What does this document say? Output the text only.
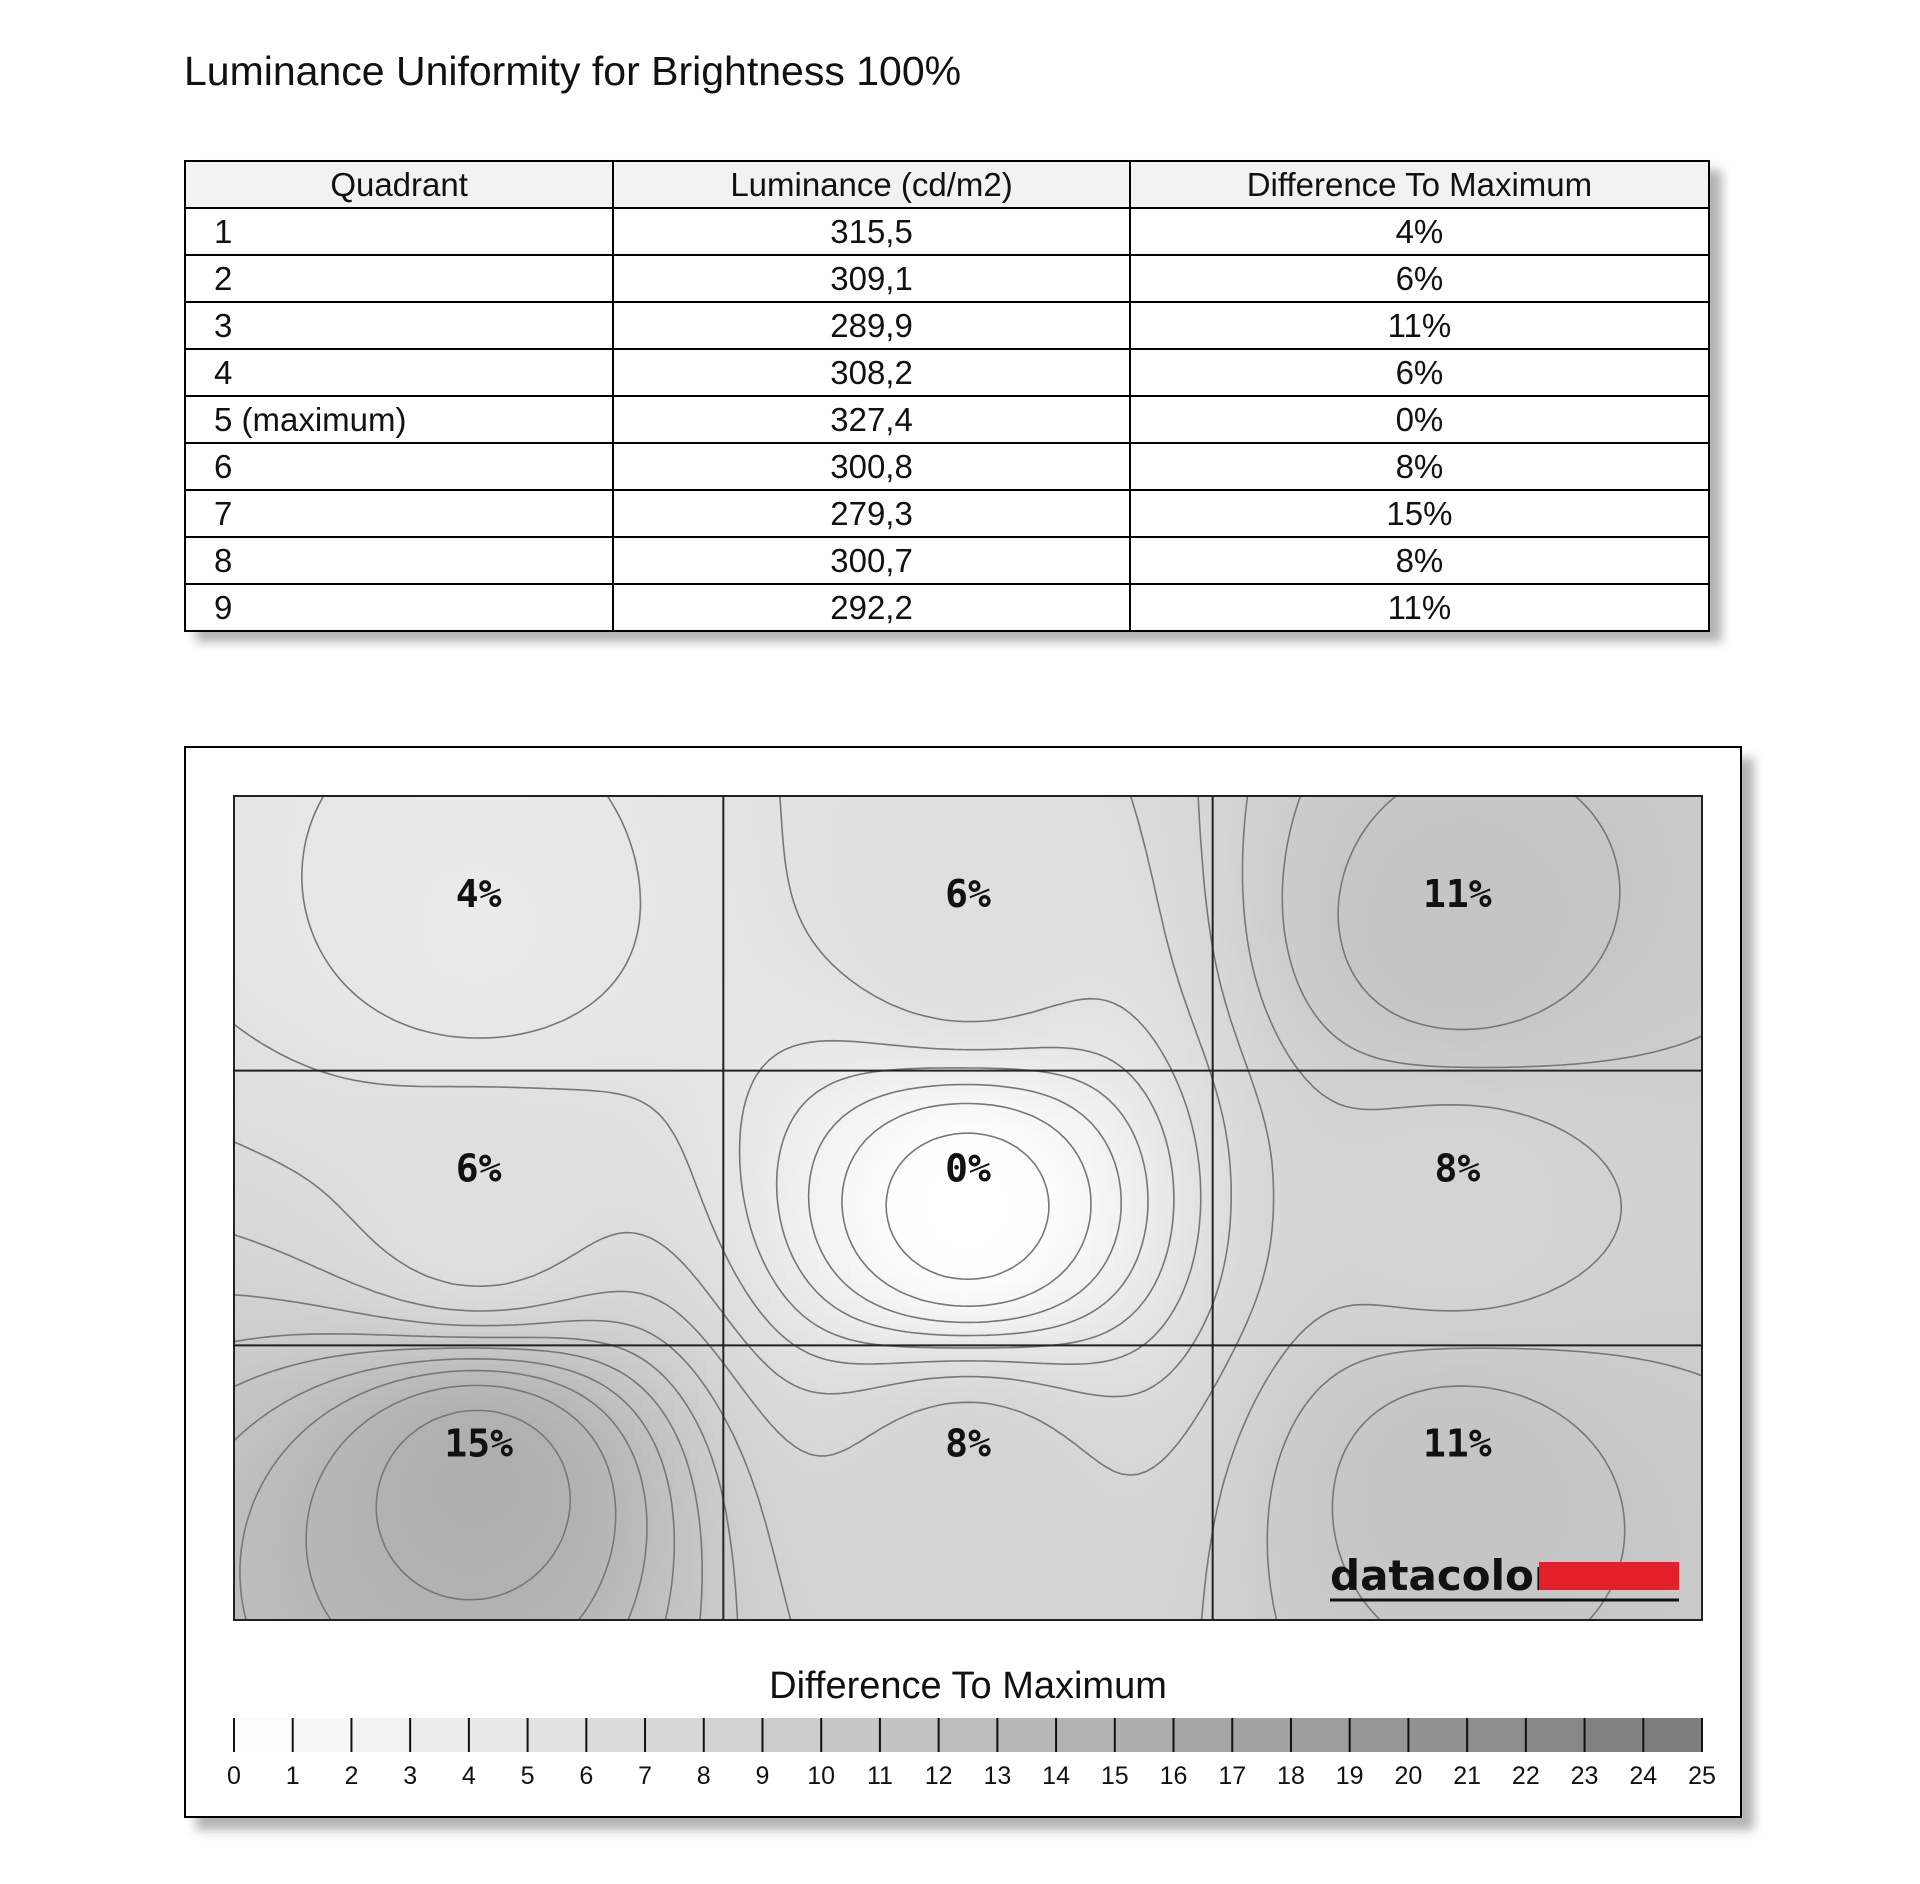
Luminance Uniformity for Brightness 100%
Quadrant	Luminance (cd/m2)	Difference To Maximum
1	315,5	4%
2	309,1	6%
3	289,9	11%
4	308,2	6%
5 (maximum)	327,4	0%
6	300,8	8%
7	279,3	15%
8	300,7	8%
9	292,2	11%
4%	6%	11%
6%	0%	8%
15%	8%	11%
datacolor
Difference To Maximum
0 1 2 3 4 5 6 7 8 9 10 11 12 13 14 15 16 17 18 19 20 21 22 23 24 25
